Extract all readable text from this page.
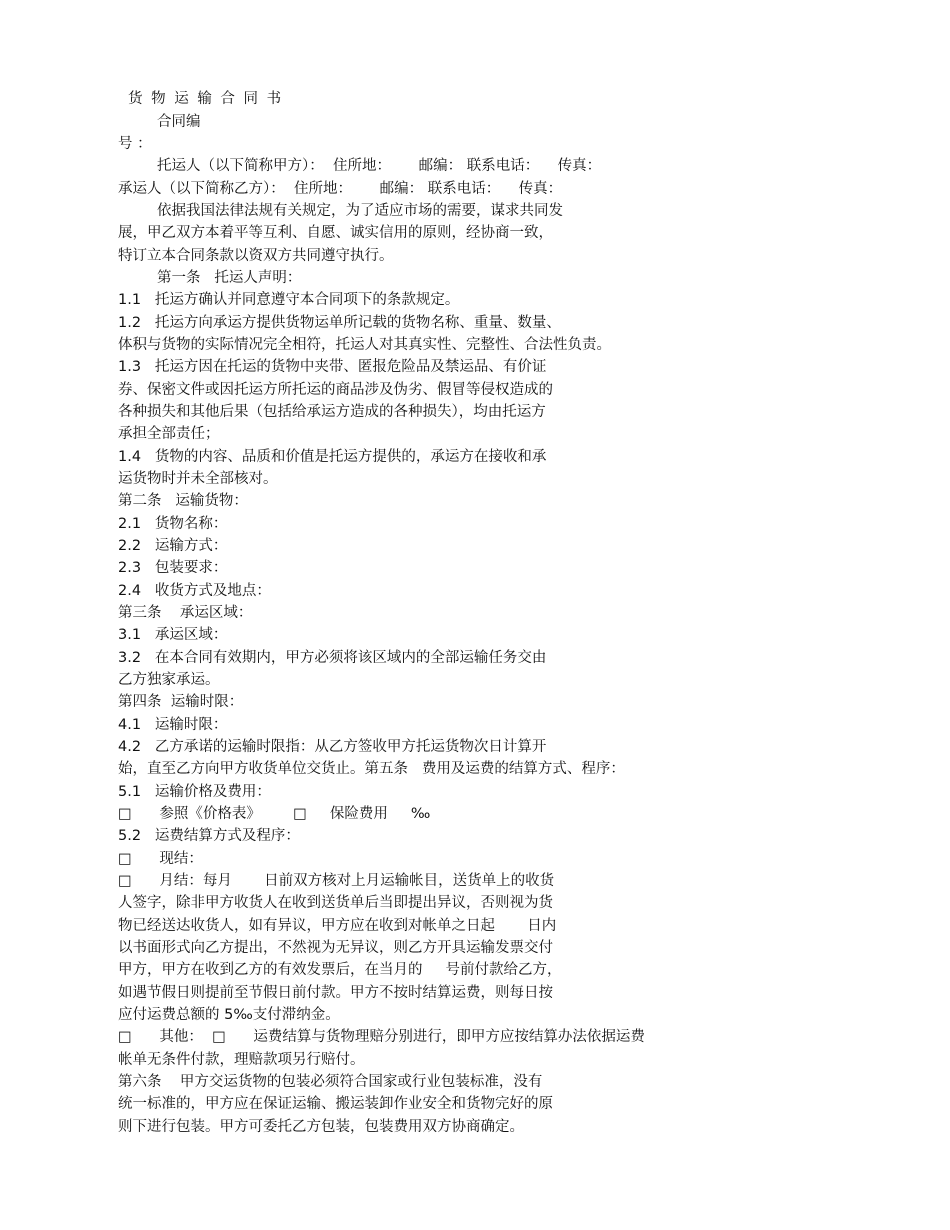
货 物 运 输 合 同 书
合同编
号 ：
托运人（以下简称甲方）：  住所地：      邮编： 联系电话：    传真：
承运人（以下简称乙方）：  住所地：      邮编： 联系电话：    传真：
依据我国法律法规有关规定，为了适应市场的需要，谋求共同发
展，甲乙双方本着平等互利、自愿、诚实信用的原则，经协商一致，
特订立本合同条款以资双方共同遵守执行。
第一条   托运人声明：
1.1   托运方确认并同意遵守本合同项下的条款规定。
1.2   托运方向承运方提供货物运单所记载的货物名称、重量、数量、
体积与货物的实际情况完全相符，托运人对其真实性、完整性、合法性负责。
1.3   托运方因在托运的货物中夹带、匿报危险品及禁运品、有价证
券、保密文件或因托运方所托运的商品涉及伪劣、假冒等侵权造成的
各种损失和其他后果（包括给承运方造成的各种损失），均由托运方
承担全部责任；
1.4   货物的内容、品质和价值是托运方提供的，承运方在接收和承
运货物时并未全部核对。
第二条   运输货物：
2.1   货物名称：
2.2   运输方式：
2.3   包装要求：
2.4   收货方式及地点：
第三条    承运区域：
3.1   承运区域：
3.2   在本合同有效期内，甲方必须将该区域内的全部运输任务交由
乙方独家承运。
第四条  运输时限：
4.1   运输时限：
4.2   乙方承诺的运输时限指：从乙方签收甲方托运货物次日计算开
始，直至乙方向甲方收货单位交货止。第五条   费用及运费的结算方式、程序：
5.1   运输价格及费用：
□      参照《价格表》       □     保险费用     ‰
5.2   运费结算方式及程序：
□      现结：
□      月结：每月       日前双方核对上月运输帐目，送货单上的收货
人签字，除非甲方收货人在收到送货单后当即提出异议，否则视为货
物已经送达收货人，如有异议，甲方应在收到对帐单之日起       日内
以书面形式向乙方提出，不然视为无异议，则乙方开具运输发票交付
甲方，甲方在收到乙方的有效发票后，在当月的     号前付款给乙方，
如遇节假日则提前至节假日前付款。甲方不按时结算运费，则每日按
应付运费总额的 5‰支付滞纳金。
□      其他：  □      运费结算与货物理赔分别进行，即甲方应按结算办法依据运费
帐单无条件付款，理赔款项另行赔付。
第六条    甲方交运货物的包装必须符合国家或行业包装标准，没有
统一标准的，甲方应在保证运输、搬运装卸作业安全和货物完好的原
则下进行包装。甲方可委托乙方包装，包装费用双方协商确定。
